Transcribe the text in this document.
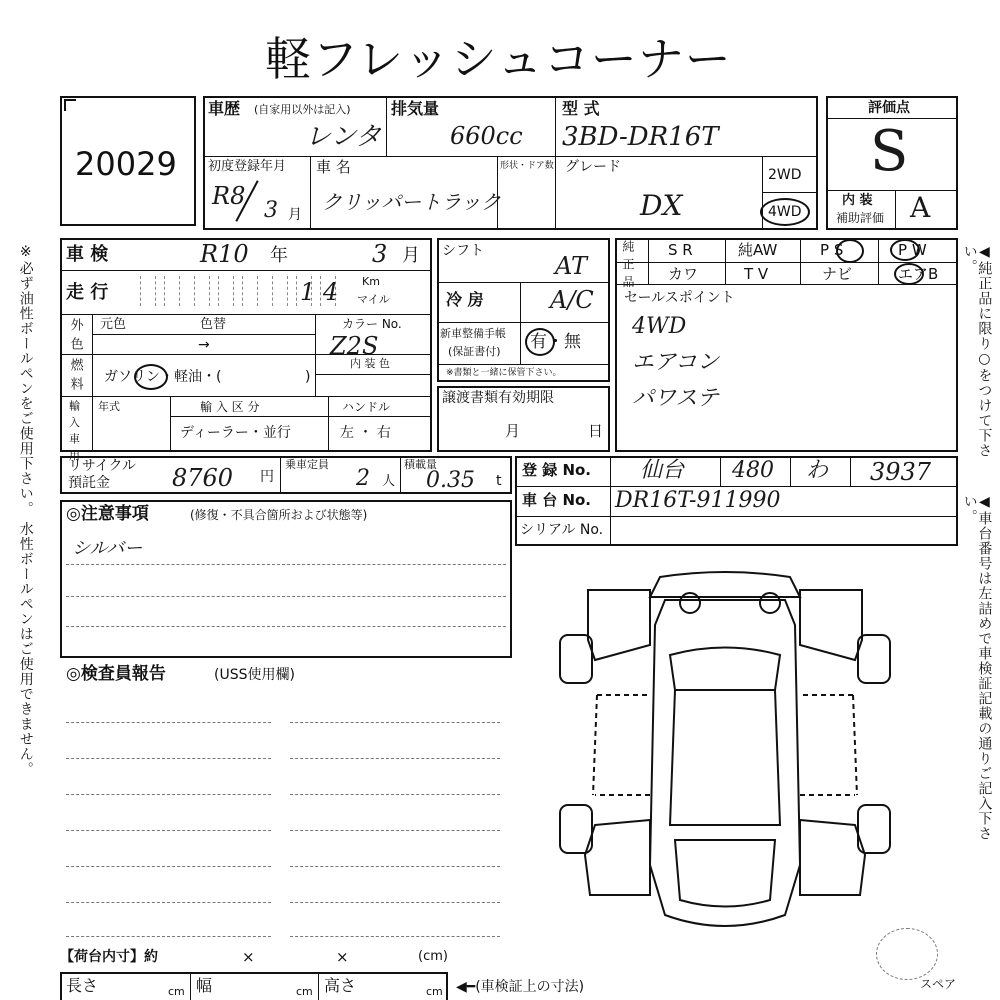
軽フレッシュコーナー
※必ず油性ボールペンをご使用下さい。 水性ボールペンはご使用できません。	◀純正品に限り○をつけて下さい。
◀車台番号は左詰めで車検証記載の通りご記入下さい。
20029
車歴 (自家用以外は記入)
レンタ
排気量
660cc
型 式
3BD-DR16T
初度登録年月
R8
3 月
車 名
クリッパートラック
形状・ドア数 グレード
DX
2WD
4WD
評価点
S
内 装
補助評価 A
車 検	R10 年	3 月
走 行	1 4 Km
マイル
外 色 元色	色替
→
カラー No.
Z2S
燃 料 ガソリン・軽油・(	)
内 装 色
輸 入 車 用 年式	輸 入 区 分
ディーラー・並行
ハンドル
左 ・ 右
シフト
AT
冷 房	A/C
新車整備手帳
(保証書付) 有・無
※書類と一緒に保管下さい。
譲渡書類有効期限
月	日
純 正 品 S R	純AW	P S	P W
カワ	T V	ナビ	エアB
セールスポイント
4WD
エアコン
パワステ
リサイクル
預託金	8760 円
乗車定員
2 人
積載量
0.35 t
登 録 No. 仙台 480 わ 3937
車 台 No. DR16T-911990
シリアル No.
◎注意事項	(修復・不具合箇所および状態等)
シルバー
◎検査員報告	(USS使用欄)
スペア
【荷台内寸】約	×	×	(cm)
長さ	cm 幅	cm 高さ	cm ◀━(車検証上の寸法)
